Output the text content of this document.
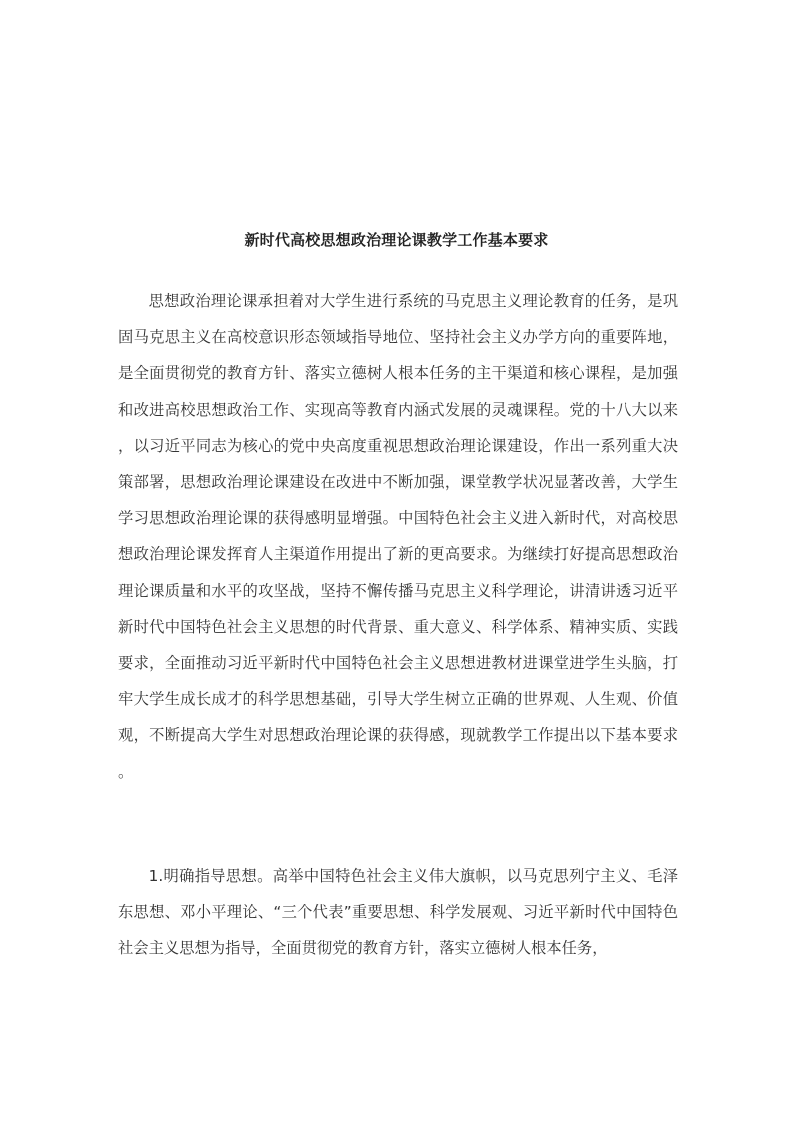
新时代高校思想政治理论课教学工作基本要求

思想政治理论课承担着对大学生进行系统的马克思主义理论教育的任务，是巩固马克思主义在高校意识形态领域指导地位、坚持社会主义办学方向的重要阵地，是全面贯彻党的教育方针、落实立德树人根本任务的主干渠道和核心课程，是加强和改进高校思想政治工作、实现高等教育内涵式发展的灵魂课程。党的十八大以来，以习近平同志为核心的党中央高度重视思想政治理论课建设，作出一系列重大决策部署，思想政治理论课建设在改进中不断加强，课堂教学状况显著改善，大学生学习思想政治理论课的获得感明显增强。中国特色社会主义进入新时代，对高校思想政治理论课发挥育人主渠道作用提出了新的更高要求。为继续打好提高思想政治理论课质量和水平的攻坚战，坚持不懈传播马克思主义科学理论，讲清讲透习近平新时代中国特色社会主义思想的时代背景、重大意义、科学体系、精神实质、实践要求，全面推动习近平新时代中国特色社会主义思想进教材进课堂进学生头脑，打牢大学生成长成才的科学思想基础，引导大学生树立正确的世界观、人生观、价值观，不断提高大学生对思想政治理论课的获得感，现就教学工作提出以下基本要求。

1.明确指导思想。高举中国特色社会主义伟大旗帜，以马克思列宁主义、毛泽东思想、邓小平理论、“三个代表”重要思想、科学发展观、习近平新时代中国特色社会主义思想为指导，全面贯彻党的教育方针，落实立德树人根本任务，
